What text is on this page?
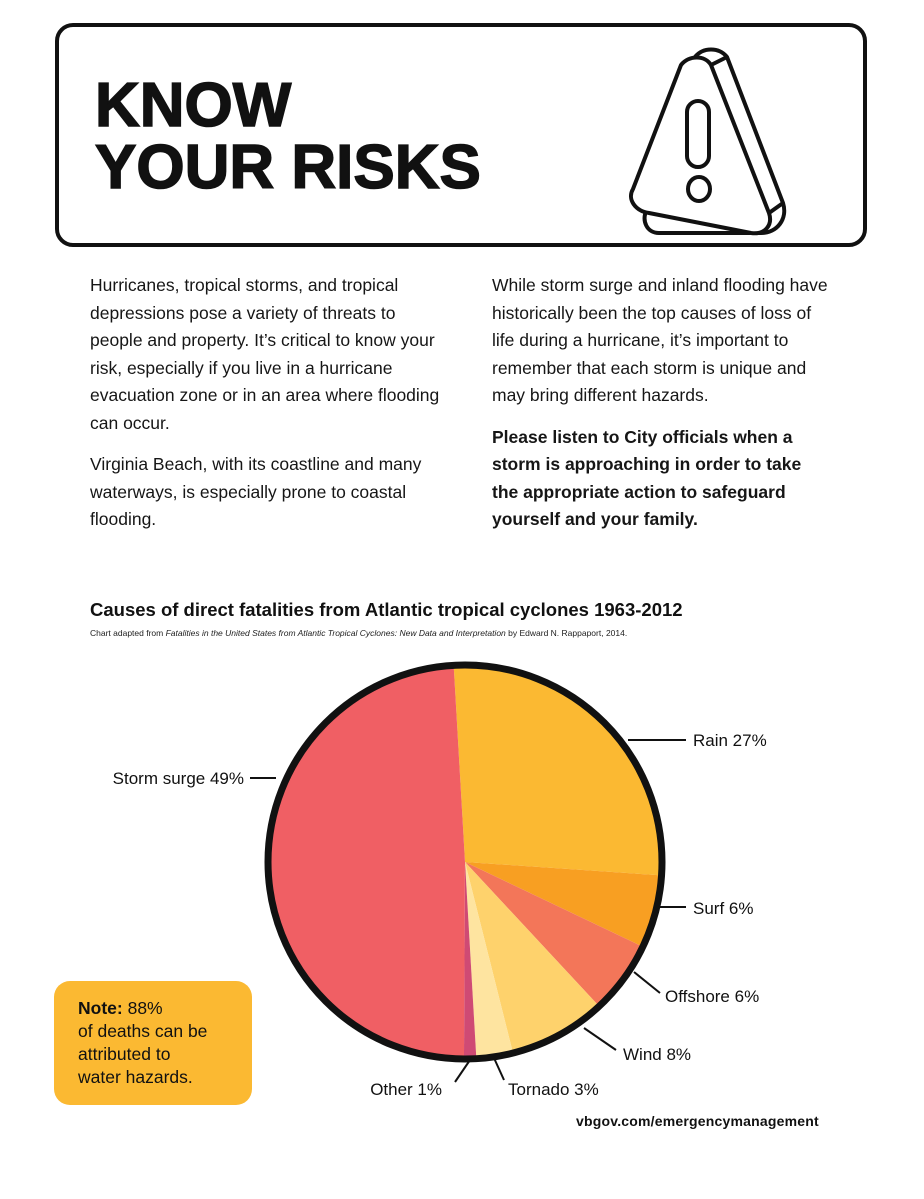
KNOW
YOUR RISKS

Hurricanes, tropical storms, and tropical depressions pose a variety of threats to people and property. It’s critical to know your risk, especially if you live in a hurricane evacuation zone or in an area where flooding can occur.

Virginia Beach, with its coastline and many waterways, is especially prone to coastal flooding.

While storm surge and inland flooding have historically been the top causes of loss of life during a hurricane, it’s important to remember that each storm is unique and may bring different hazards.

Please listen to City officials when a storm is approaching in order to take the appropriate action to safeguard yourself and your family.

Causes of direct fatalities from Atlantic tropical cyclones 1963-2012
Chart adapted from Fatalities in the United States from Atlantic Tropical Cyclones: New Data and Interpretation by Edward N. Rappaport, 2014.
Rain 27%
Surf 6%
Offshore 6%
Wind 8%
Tornado 3%
Other 1%
Storm surge 49%
Note: 88%
of deaths can be
attributed to
water hazards.
vbgov.com/emergencymanagement
